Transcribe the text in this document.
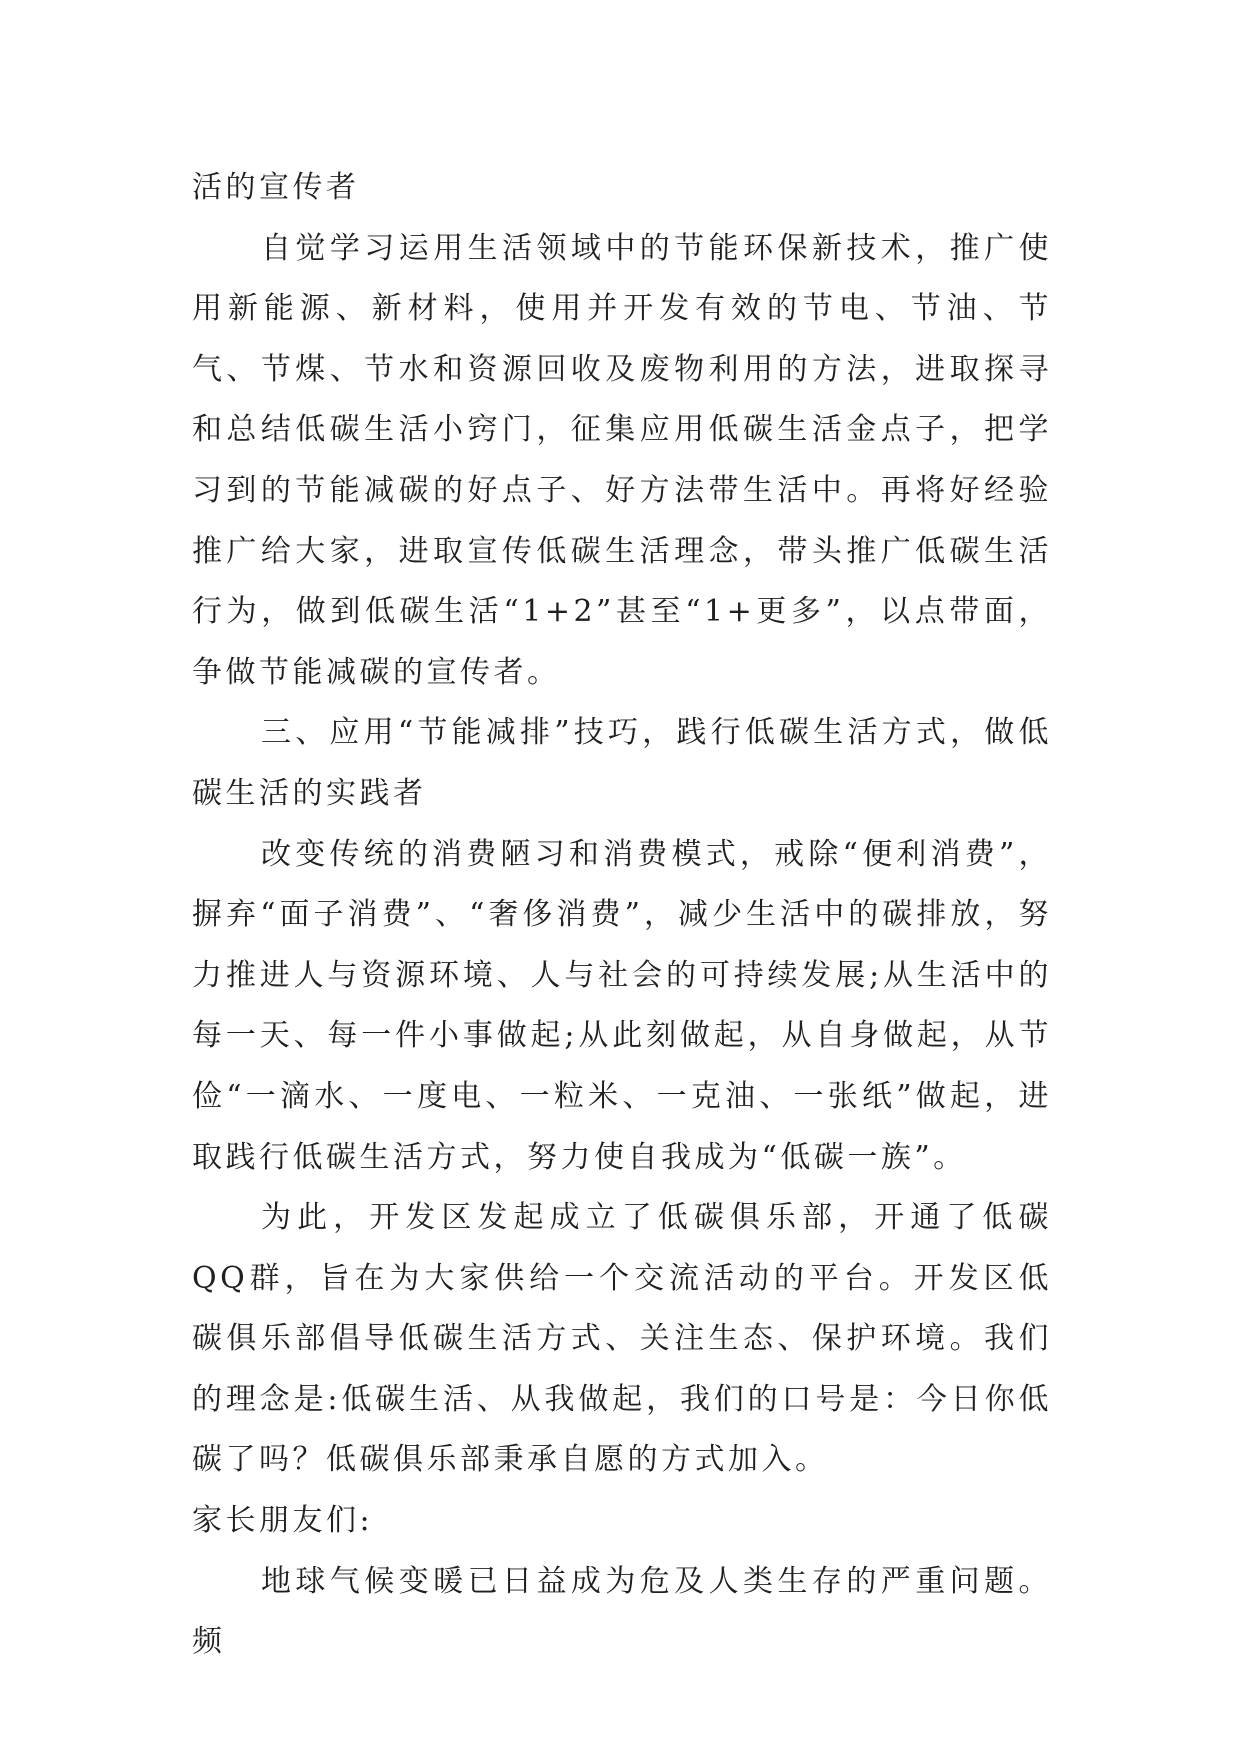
活的宣传者

自觉学习运用生活领域中的节能环保新技术，推广使用新能源、新材料，使用并开发有效的节电、节油、节气、节煤、节水和资源回收及废物利用的方法，进取探寻和总结低碳生活小窍门，征集应用低碳生活金点子，把学习到的节能减碳的好点子、好方法带生活中。再将好经验推广给大家，进取宣传低碳生活理念，带头推广低碳生活行为，做到低碳生活“1+2”甚至“1+更多”，以点带面，争做节能减碳的宣传者。

三、应用“节能减排”技巧，践行低碳生活方式，做低碳生活的实践者

改变传统的消费陋习和消费模式，戒除“便利消费”，摒弃“面子消费”、“奢侈消费”，减少生活中的碳排放，努力推进人与资源环境、人与社会的可持续发展;从生活中的每一天、每一件小事做起;从此刻做起，从自身做起，从节俭“一滴水、一度电、一粒米、一克油、一张纸”做起，进取践行低碳生活方式，努力使自我成为“低碳一族”。

为此，开发区发起成立了低碳俱乐部，开通了低碳QQ群，旨在为大家供给一个交流活动的平台。开发区低碳俱乐部倡导低碳生活方式、关注生态、保护环境。我们的理念是:低碳生活、从我做起，我们的口号是：今日你低碳了吗？低碳俱乐部秉承自愿的方式加入。

家长朋友们:

地球气候变暖已日益成为危及人类生存的严重问题。频
